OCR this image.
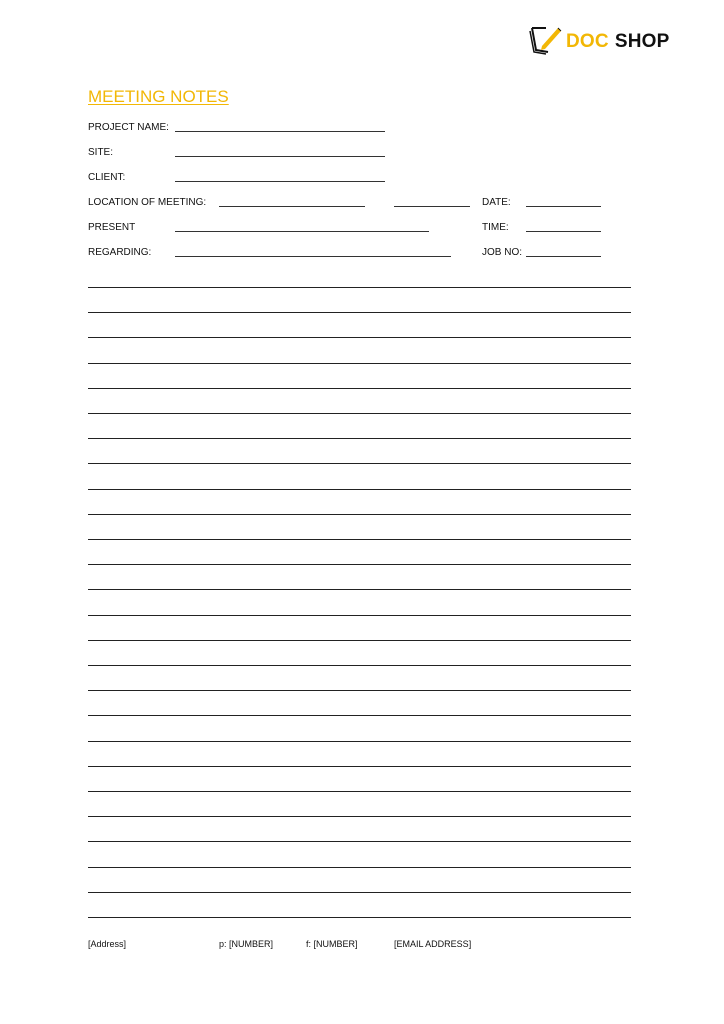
DOC SHOP
MEETING NOTES
PROJECT NAME:
SITE:
CLIENT:
LOCATION OF MEETING:	DATE:
PRESENT	TIME:
REGARDING:	JOB NO:
[Address]	p: [NUMBER]	f: [NUMBER]	[EMAIL ADDRESS]
